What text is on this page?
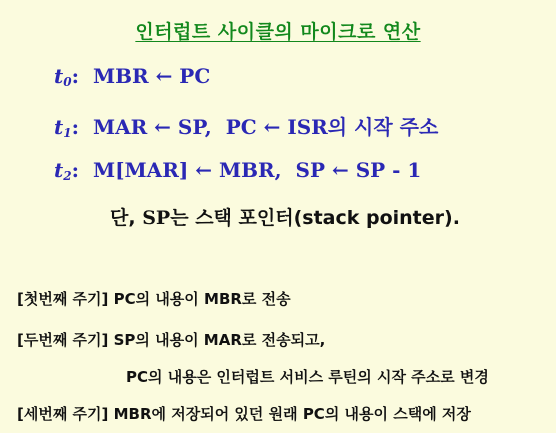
인터럽트 사이클의 마이크로 연산
$t_0$: MBR ← PC
$t_1$: MAR ← SP, PC ← ISR의 시작 주소
$t_2$: M[MAR] ← MBR, SP ← SP - 1
단, SP는 스택 포인터(stack pointer).
[첫번째 주기] PC의 내용이 MBR로 전송
[두번째 주기] SP의 내용이 MAR로 전송되고,
PC의 내용은 인터럽트 서비스 루틴의 시작 주소로 변경
[세번째 주기] MBR에 저장되어 있던 원래 PC의 내용이 스택에 저장
